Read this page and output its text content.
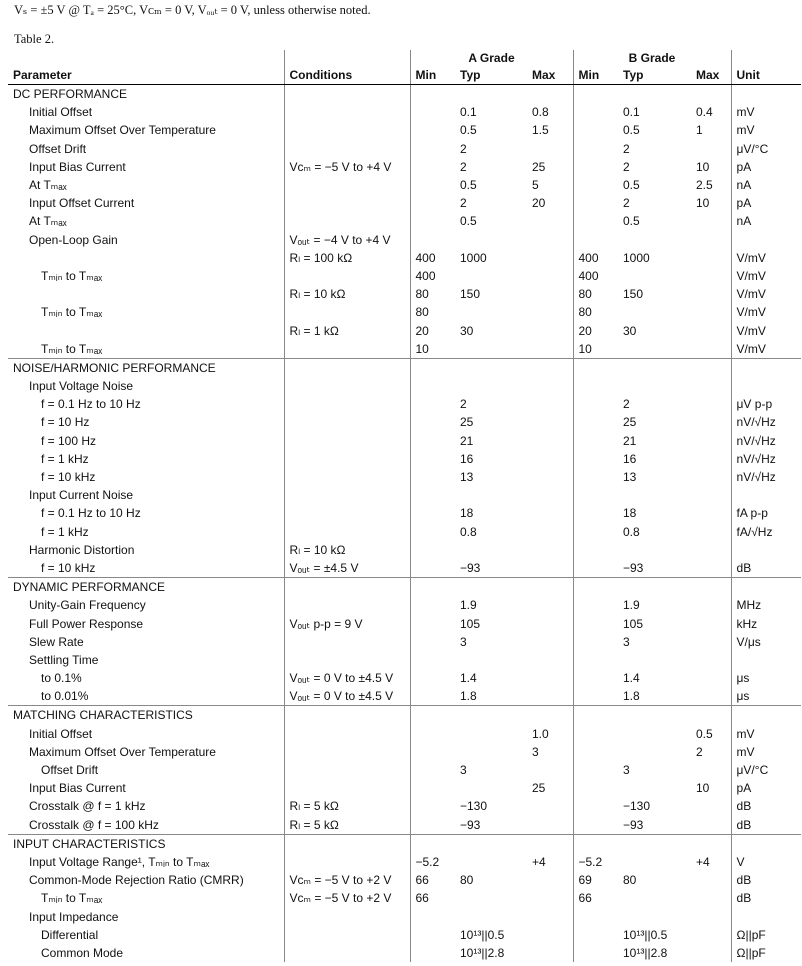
Vₛ = ±5 V @ Tₐ = 25°C, Vᴄₘ = 0 V, Vₒᵤₜ = 0 V, unless otherwise noted.
Table 2.
		A Grade			B Grade			
Parameter	Conditions	Min	Typ	Max	Min	Typ	Max	Unit
DC PERFORMANCE								
Initial Offset			0.1	0.8		0.1	0.4	mV
Maximum Offset Over Temperature			0.5	1.5		0.5	1	mV
Offset Drift			2			2		μV/°C
Input Bias Current	Vᴄₘ = −5 V to +4 V		2	25		2	10	pA
At Tₘₐₓ			0.5	5		0.5	2.5	nA
Input Offset Current			2	20		2	10	pA
At Tₘₐₓ			0.5			0.5		nA
Open-Loop Gain	Vₒᵤₜ = −4 V to +4 V							
	Rₗ = 100 kΩ	400	1000		400	1000		V/mV
Tₘᵢₙ to Tₘₐₓ		400			400			V/mV
	Rₗ = 10 kΩ	80	150		80	150		V/mV
Tₘᵢₙ to Tₘₐₓ		80			80			V/mV
	Rₗ = 1 kΩ	20	30		20	30		V/mV
Tₘᵢₙ to Tₘₐₓ		10			10			V/mV
NOISE/HARMONIC PERFORMANCE								
Input Voltage Noise								
f = 0.1 Hz to 10 Hz			2			2		μV p-p
f = 10 Hz			25			25		nV/√Hz
f = 100 Hz			21			21		nV/√Hz
f = 1 kHz			16			16		nV/√Hz
f = 10 kHz			13			13		nV/√Hz
Input Current Noise								
f = 0.1 Hz to 10 Hz			18			18		fA p-p
f = 1 kHz			0.8			0.8		fA/√Hz
Harmonic Distortion	Rₗ = 10 kΩ							
f = 10 kHz	Vₒᵤₜ = ±4.5 V		−93			−93		dB
DYNAMIC PERFORMANCE								
Unity-Gain Frequency			1.9			1.9		MHz
Full Power Response	Vₒᵤₜ p-p = 9 V		105			105		kHz
Slew Rate			3			3		V/μs
Settling Time								
to 0.1%	Vₒᵤₜ = 0 V to ±4.5 V		1.4			1.4		μs
to 0.01%	Vₒᵤₜ = 0 V to ±4.5 V		1.8			1.8		μs
MATCHING CHARACTERISTICS								
Initial Offset				1.0			0.5	mV
Maximum Offset Over Temperature				3			2	mV
Offset Drift			3			3		μV/°C
Input Bias Current				25			10	pA
Crosstalk @ f = 1 kHz	Rₗ = 5 kΩ		−130			−130		dB
Crosstalk @ f = 100 kHz	Rₗ = 5 kΩ		−93			−93		dB
INPUT CHARACTERISTICS								
Input Voltage Range¹, Tₘᵢₙ to Tₘₐₓ		−5.2		+4	−5.2		+4	V
Common-Mode Rejection Ratio (CMRR)	Vᴄₘ = −5 V to +2 V	66	80		69	80		dB
Tₘᵢₙ to Tₘₐₓ	Vᴄₘ = −5 V to +2 V	66			66			dB
Input Impedance								
Differential			10¹³||0.5			10¹³||0.5		Ω||pF
Common Mode			10¹³||2.8			10¹³||2.8		Ω||pF
